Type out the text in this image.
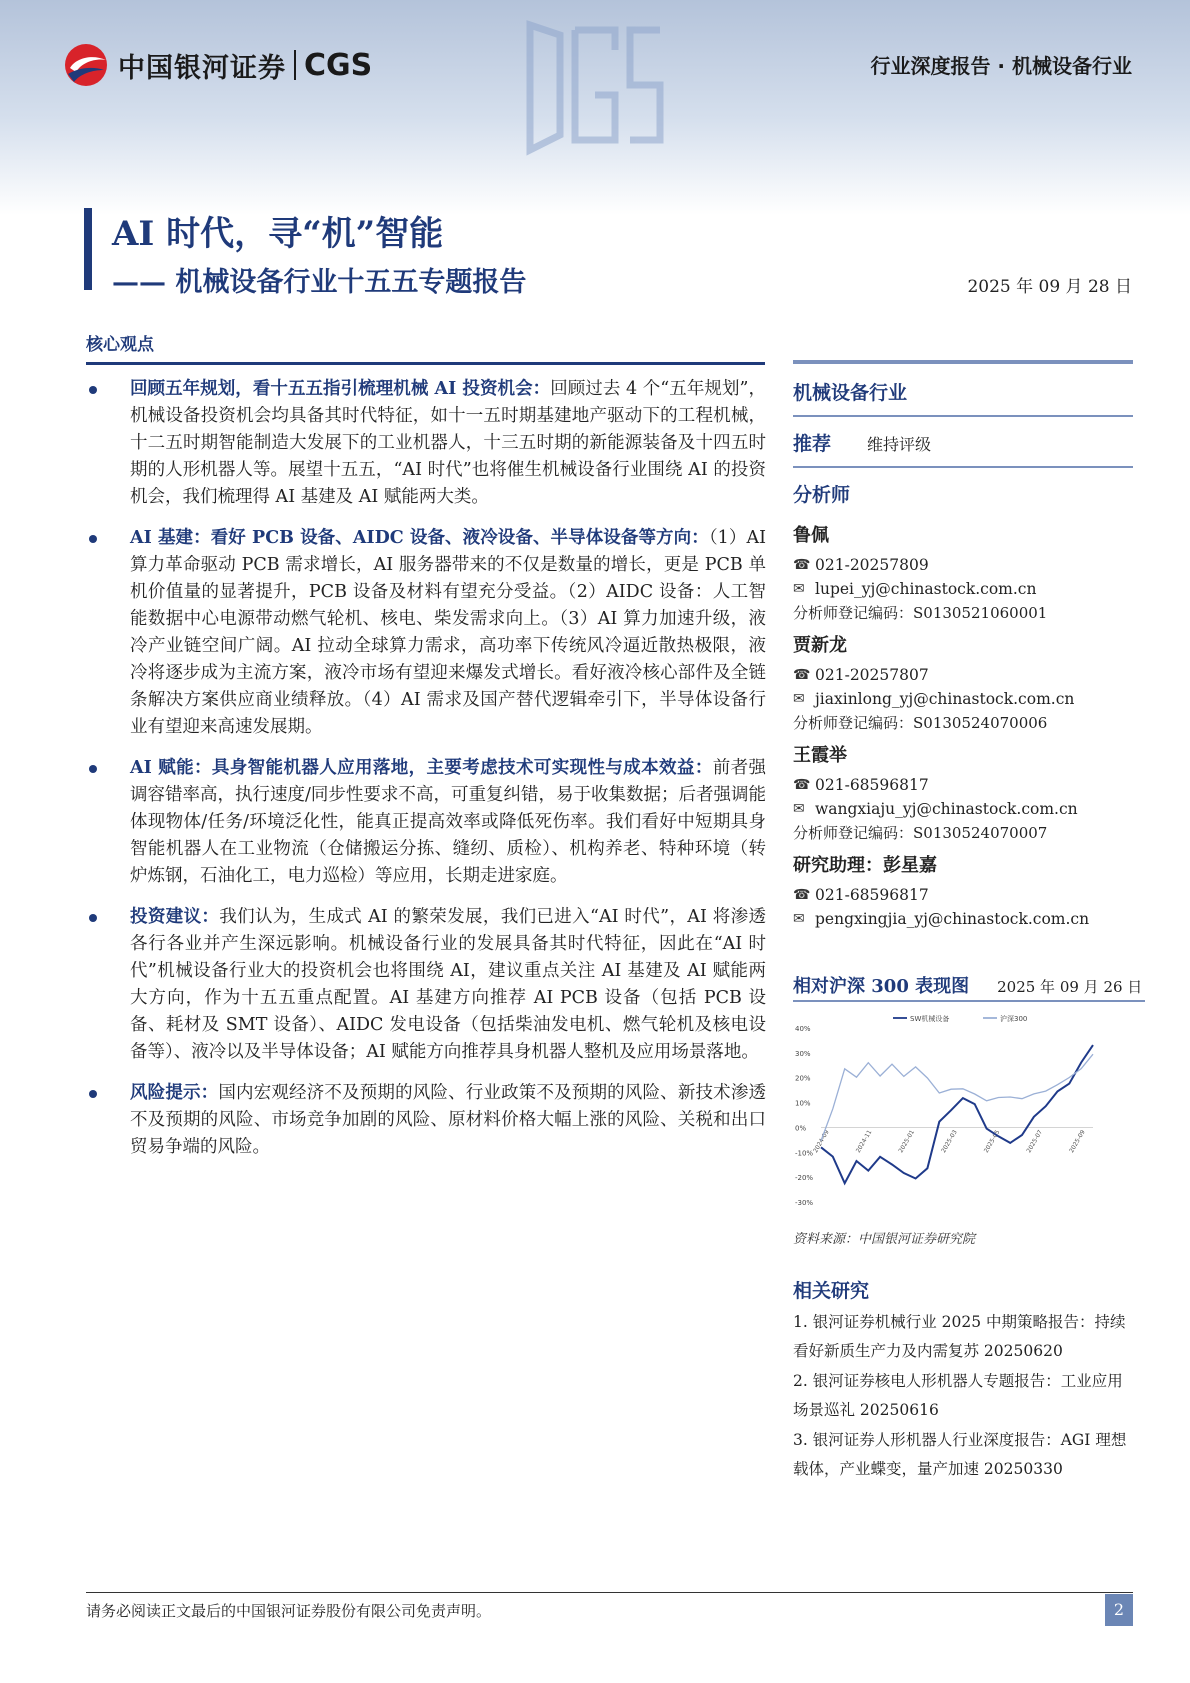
中国银河证券 CGS	行业深度报告 · 机械设备行业
AI 时代，寻“机”智能
—— 机械设备行业十五五专题报告	2025 年 09 月 28 日
核心观点
回顾五年规划，看十五五指引梳理机械 AI 投资机会：回顾过去 4 个“五年规划”，机械设备投资机会均具备其时代特征，如十一五时期基建地产驱动下的工程机械，十二五时期智能制造大发展下的工业机器人，十三五时期的新能源装备及十四五时期的人形机器人等。展望十五五，“AI 时代”也将催生机械设备行业围绕 AI 的投资机会，我们梳理得 AI 基建及 AI 赋能两大类。
AI 基建：看好 PCB 设备、AIDC 设备、液冷设备、半导体设备等方向：（1）AI 算力革命驱动 PCB 需求增长，AI 服务器带来的不仅是数量的增长，更是 PCB 单机价值量的显著提升，PCB 设备及材料有望充分受益。（2）AIDC 设备：人工智能数据中心电源带动燃气轮机、核电、柴发需求向上。（3）AI 算力加速升级，液冷产业链空间广阔。AI 拉动全球算力需求，高功率下传统风冷逼近散热极限，液冷将逐步成为主流方案，液冷市场有望迎来爆发式增长。看好液冷核心部件及全链条解决方案供应商业绩释放。（4）AI 需求及国产替代逻辑牵引下，半导体设备行业有望迎来高速发展期。
AI 赋能：具身智能机器人应用落地，主要考虑技术可实现性与成本效益：前者强调容错率高，执行速度/同步性要求不高，可重复纠错，易于收集数据；后者强调能体现物体/任务/环境泛化性，能真正提高效率或降低死伤率。我们看好中短期具身智能机器人在工业物流（仓储搬运分拣、缝纫、质检）、机构养老、特种环境（转炉炼钢，石油化工，电力巡检）等应用，长期走进家庭。
投资建议：我们认为，生成式 AI 的繁荣发展，我们已进入“AI 时代”，AI 将渗透各行各业并产生深远影响。机械设备行业的发展具备其时代特征，因此在“AI 时代”机械设备行业大的投资机会也将围绕 AI，建议重点关注 AI 基建及 AI 赋能两大方向，作为十五五重点配置。AI 基建方向推荐 AI PCB 设备（包括 PCB 设备、耗材及 SMT 设备）、AIDC 发电设备（包括柴油发电机、燃气轮机及核电设备等）、液冷以及半导体设备；AI 赋能方向推荐具身机器人整机及应用场景落地。
风险提示：国内宏观经济不及预期的风险、行业政策不及预期的风险、新技术渗透不及预期的风险、市场竞争加剧的风险、原材料价格大幅上涨的风险、关税和出口贸易争端的风险。
机械设备行业
推荐 维持评级
分析师
鲁佩
☎ 021-20257809
✉ lupei_yj@chinastock.com.cn
分析师登记编码：S0130521060001
贾新龙
☎ 021-20257807
✉ jiaxinlong_yj@chinastock.com.cn
分析师登记编码：S0130524070006
王霞举
☎ 021-68596817
✉ wangxiaju_yj@chinastock.com.cn
分析师登记编码：S0130524070007
研究助理：彭星嘉
☎ 021-68596817
✉ pengxingjia_yj@chinastock.com.cn
相对沪深 300 表现图 2025 年 09 月 26 日
40%
30%
20%
10%
0%
-10%
-20%
-30%
2024-09	2024-11	2025-01	2025-03	2025-05	2025-07	2025-09
SW机械设备	沪深300
资料来源：中国银河证券研究院
相关研究
1. 银河证券机械行业 2025 中期策略报告：持续看好新质生产力及内需复苏 20250620
2. 银河证券核电人形机器人专题报告：工业应用场景巡礼 20250616
3. 银河证券人形机器人行业深度报告：AGI 理想载体，产业蝶变，量产加速 20250330
请务必阅读正文最后的中国银河证券股份有限公司免责声明。	2
